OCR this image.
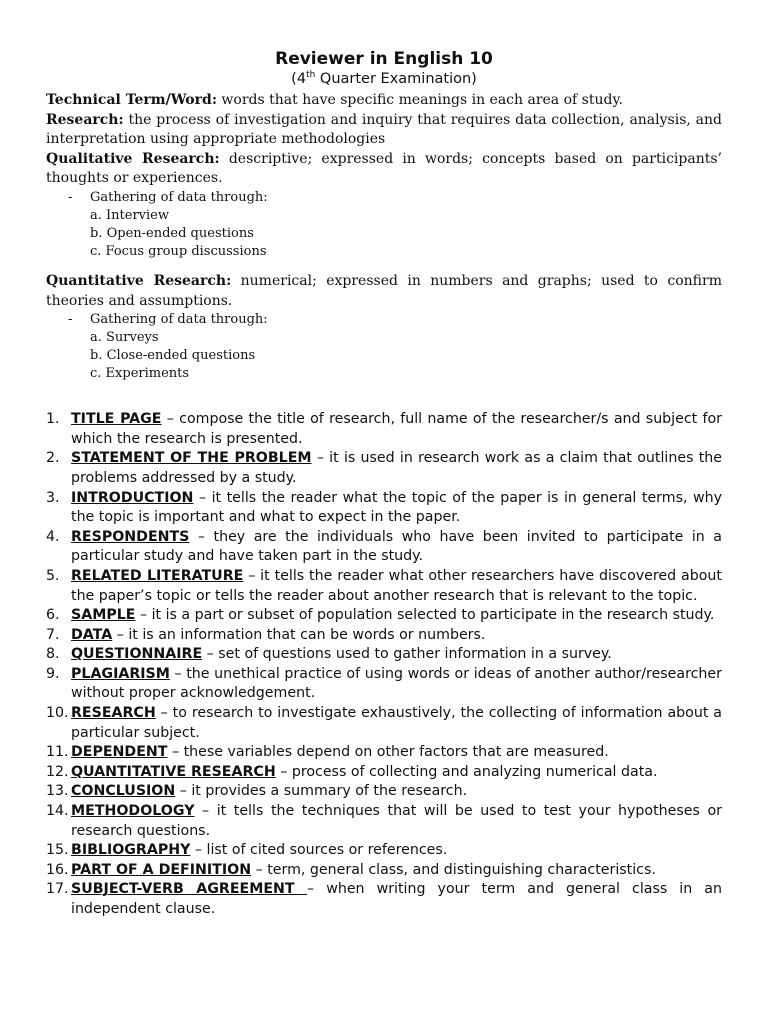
Reviewer in English 10

(4th Quarter Examination)

Technical Term/Word: words that have specific meanings in each area of study.

Research: the process of investigation and inquiry that requires data collection, analysis, and interpretation using appropriate methodologies

Qualitative Research: descriptive; expressed in words; concepts based on participants’ thoughts or experiences.

- Gathering of data through:
a. Interview
b. Open-ended questions
c. Focus group discussions

Quantitative Research: numerical; expressed in numbers and graphs; used to confirm theories and assumptions.

- Gathering of data through:
a. Surveys
b. Close-ended questions
c. Experiments
1. TITLE PAGE – compose the title of research, full name of the researcher/s and subject for which the research is presented.
2. STATEMENT OF THE PROBLEM – it is used in research work as a claim that outlines the problems addressed by a study.
3. INTRODUCTION – it tells the reader what the topic of the paper is in general terms, why the topic is important and what to expect in the paper.
4. RESPONDENTS – they are the individuals who have been invited to participate in a particular study and have taken part in the study.
5. RELATED LITERATURE – it tells the reader what other researchers have discovered about the paper’s topic or tells the reader about another research that is relevant to the topic.
6. SAMPLE – it is a part or subset of population selected to participate in the research study.
7. DATA – it is an information that can be words or numbers.
8. QUESTIONNAIRE – set of questions used to gather information in a survey.
9. PLAGIARISM – the unethical practice of using words or ideas of another author/researcher without proper acknowledgement.
10. RESEARCH – to research to investigate exhaustively, the collecting of information about a particular subject.
11. DEPENDENT – these variables depend on other factors that are measured.
12. QUANTITATIVE RESEARCH – process of collecting and analyzing numerical data.
13. CONCLUSION – it provides a summary of the research.
14. METHODOLOGY – it tells the techniques that will be used to test your hypotheses or research questions.
15. BIBLIOGRAPHY – list of cited sources or references.
16. PART OF A DEFINITION – term, general class, and distinguishing characteristics.
17. SUBJECT-VERB AGREEMENT – when writing your term and general class in an independent clause.
